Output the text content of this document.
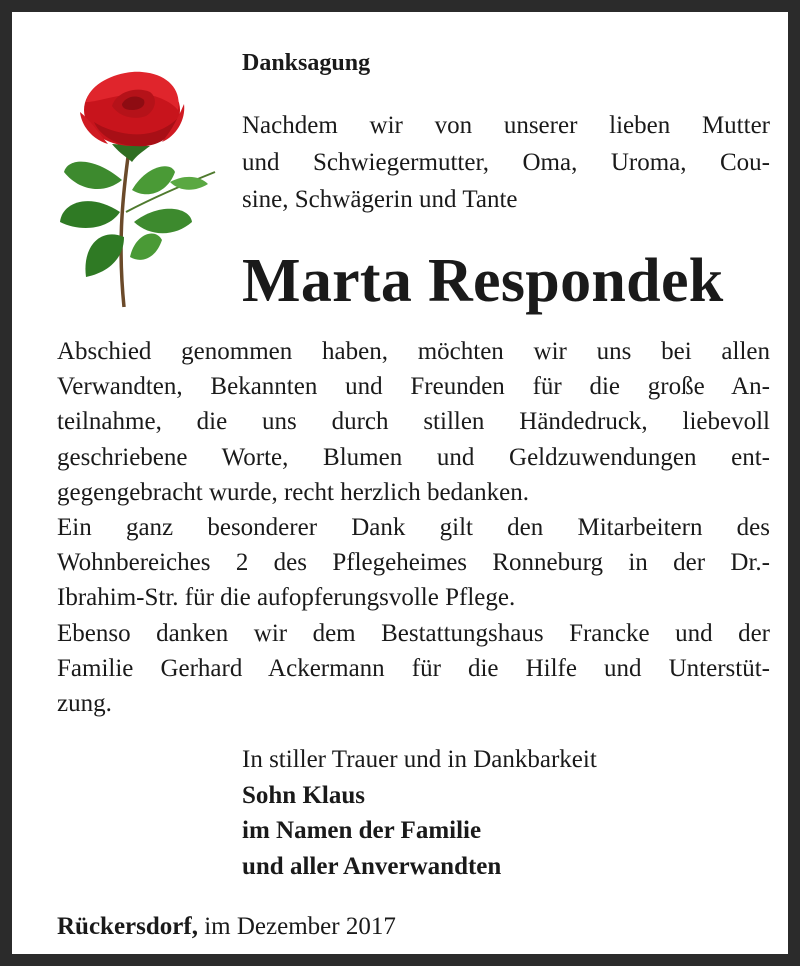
Danksagung
Nachdem wir von unserer lieben Mutter
und Schwiegermutter, Oma, Uroma, Cou-
sine, Schwägerin und Tante
Marta Respondek
Abschied genommen haben, möchten wir uns bei allen
Verwandten, Bekannten und Freunden für die große An-
teilnahme, die uns durch stillen Händedruck, liebevoll
geschriebene Worte, Blumen und Geldzuwendungen ent-
gegengebracht wurde, recht herzlich bedanken.
Ein ganz besonderer Dank gilt den Mitarbeitern des
Wohnbereiches 2 des Pflegeheimes Ronneburg in der Dr.-
Ibrahim-Str. für die aufopferungsvolle Pflege.
Ebenso danken wir dem Bestattungshaus Francke und der
Familie Gerhard Ackermann für die Hilfe und Unterstüt-
zung.
In stiller Trauer und in Dankbarkeit
Sohn Klaus
im Namen der Familie
und aller Anverwandten
Rückersdorf, im Dezember 2017
